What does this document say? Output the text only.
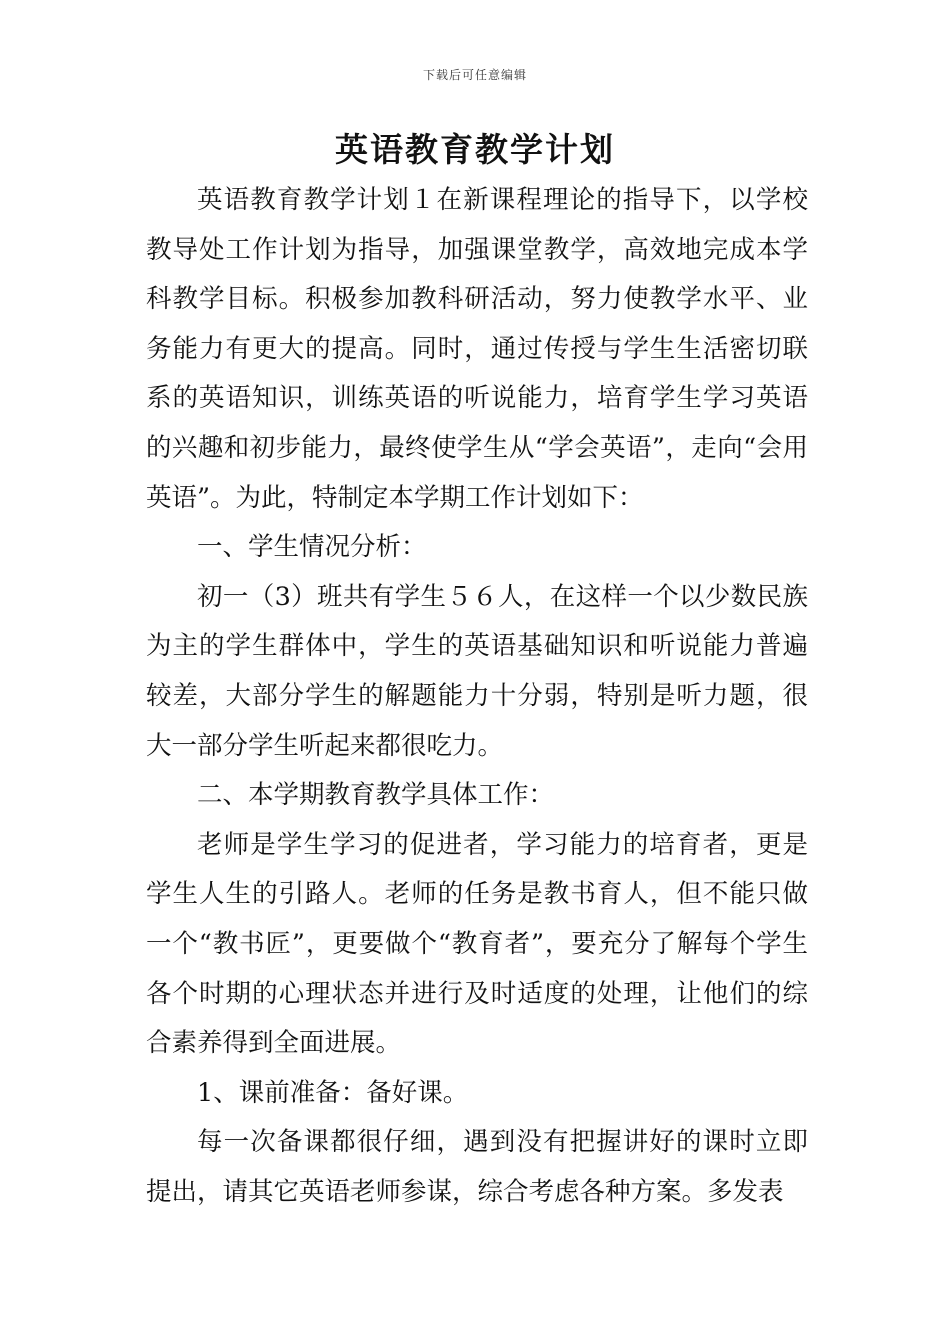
下载后可任意编辑
英语教育教学计划

英语教育教学计划１在新课程理论的指导下，以学校教导处工作计划为指导，加强课堂教学，高效地完成本学科教学目标。积极参加教科研活动，努力使教学水平、业务能力有更大的提高。同时，通过传授与学生生活密切联系的英语知识，训练英语的听说能力，培育学生学习英语的兴趣和初步能力，最终使学生从“学会英语”，走向“会用英语”。为此，特制定本学期工作计划如下：

一、学生情况分析：

初一（3）班共有学生５６人，在这样一个以少数民族为主的学生群体中，学生的英语基础知识和听说能力普遍较差，大部分学生的解题能力十分弱，特别是听力题，很大一部分学生听起来都很吃力。

二、本学期教育教学具体工作：

老师是学生学习的促进者，学习能力的培育者，更是学生人生的引路人。老师的任务是教书育人，但不能只做一个“教书匠”，更要做个“教育者”，要充分了解每个学生各个时期的心理状态并进行及时适度的处理，让他们的综合素养得到全面进展。

1、课前准备：备好课。

每一次备课都很仔细，遇到没有把握讲好的课时立即提出，请其它英语老师参谋，综合考虑各种方案。多发表
